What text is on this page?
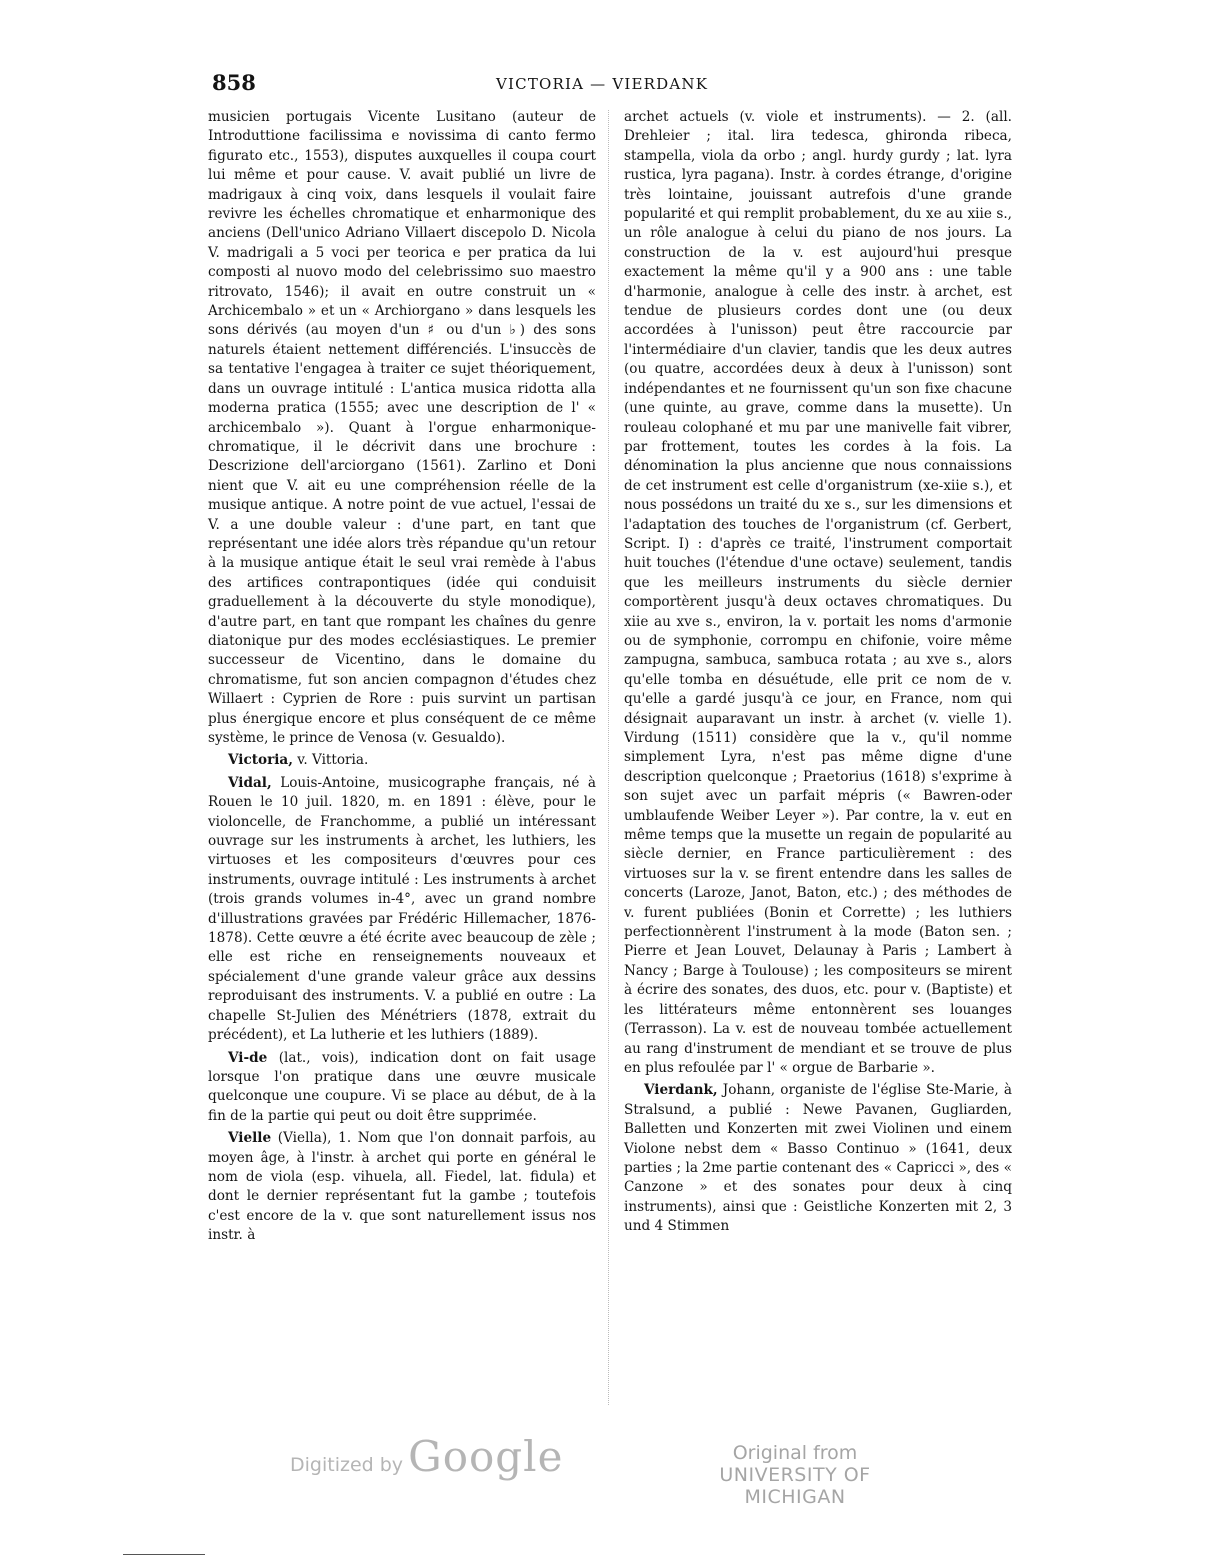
858	VICTORIA — VIERDANK

musicien portugais Vicente Lusitano (auteur de Introduttione facilissima e novissima di canto fermo figurato etc., 1553), disputes auxquelles il coupa court lui même et pour cause. V. avait publié un livre de madrigaux à cinq voix, dans lesquels il voulait faire revivre les échelles chromatique et enharmonique des anciens (Dell'unico Adriano Villaert discepolo D. Nicola V. madrigali a 5 voci per teorica e per pratica da lui composti al nuovo modo del celebrissimo suo maestro ritrovato, 1546); il avait en outre construit un « Archicembalo » et un « Archiorgano » dans lesquels les sons dérivés (au moyen d'un ♯ ou d'un ♭) des sons naturels étaient nettement différenciés. L'insuccès de sa tentative l'engagea à traiter ce sujet théoriquement, dans un ouvrage intitulé : L'antica musica ridotta alla moderna pratica (1555; avec une description de l' « archicembalo »). Quant à l'orgue enharmonique-chromatique, il le décrivit dans une brochure : Descrizione dell'arciorgano (1561). Zarlino et Doni nient que V. ait eu une compréhension réelle de la musique antique. A notre point de vue actuel, l'essai de V. a une double valeur : d'une part, en tant que représentant une idée alors très répandue qu'un retour à la musique antique était le seul vrai remède à l'abus des artifices contrapontiques (idée qui conduisit graduellement à la découverte du style monodique), d'autre part, en tant que rompant les chaînes du genre diatonique pur des modes ecclésiastiques. Le premier successeur de Vicentino, dans le domaine du chromatisme, fut son ancien compagnon d'études chez Willaert : Cyprien de Rore : puis survint un partisan plus énergique encore et plus conséquent de ce même système, le prince de Venosa (v. Gesualdo).

Victoria, v. Vittoria.

Vidal, Louis-Antoine, musicographe français, né à Rouen le 10 juil. 1820, m. en 1891 : élève, pour le violoncelle, de Franchomme, a publié un intéressant ouvrage sur les instruments à archet, les luthiers, les virtuoses et les compositeurs d'œuvres pour ces instruments, ouvrage intitulé : Les instruments à archet (trois grands volumes in-4°, avec un grand nombre d'illustrations gravées par Frédéric Hillemacher, 1876-1878). Cette œuvre a été écrite avec beaucoup de zèle ; elle est riche en renseignements nouveaux et spécialement d'une grande valeur grâce aux dessins reproduisant des instruments. V. a publié en outre : La chapelle St-Julien des Ménétriers (1878, extrait du précédent), et La lutherie et les luthiers (1889).

Vi-de (lat., vois), indication dont on fait usage lorsque l'on pratique dans une œuvre musicale quelconque une coupure. Vi se place au début, de à la fin de la partie qui peut ou doit être supprimée.

Vielle (Viella), 1. Nom que l'on donnait parfois, au moyen âge, à l'instr. à archet qui porte en général le nom de viola (esp. vihuela, all. Fiedel, lat. fidula) et dont le dernier représentant fut la gambe ; toutefois c'est encore de la v. que sont naturellement issus nos instr. à

archet actuels (v. viole et instruments). — 2. (all. Drehleier ; ital. lira tedesca, ghironda ribeca, stampella, viola da orbo ; angl. hurdy gurdy ; lat. lyra rustica, lyra pagana). Instr. à cordes étrange, d'origine très lointaine, jouissant autrefois d'une grande popularité et qui remplit probablement, du xe au xiie s., un rôle analogue à celui du piano de nos jours. La construction de la v. est aujourd'hui presque exactement la même qu'il y a 900 ans : une table d'harmonie, analogue à celle des instr. à archet, est tendue de plusieurs cordes dont une (ou deux accordées à l'unisson) peut être raccourcie par l'intermédiaire d'un clavier, tandis que les deux autres (ou quatre, accordées deux à deux à l'unisson) sont indépendantes et ne fournissent qu'un son fixe chacune (une quinte, au grave, comme dans la musette). Un rouleau colophané et mu par une manivelle fait vibrer, par frottement, toutes les cordes à la fois. La dénomination la plus ancienne que nous connaissions de cet instrument est celle d'organistrum (xe-xiie s.), et nous possédons un traité du xe s., sur les dimensions et l'adaptation des touches de l'organistrum (cf. Gerbert, Script. I) : d'après ce traité, l'instrument comportait huit touches (l'étendue d'une octave) seulement, tandis que les meilleurs instruments du siècle dernier comportèrent jusqu'à deux octaves chromatiques. Du xiie au xve s., environ, la v. portait les noms d'armonie ou de symphonie, corrompu en chifonie, voire même zampugna, sambuca, sambuca rotata ; au xve s., alors qu'elle tomba en désuétude, elle prit ce nom de v. qu'elle a gardé jusqu'à ce jour, en France, nom qui désignait auparavant un instr. à archet (v. vielle 1). Virdung (1511) considère que la v., qu'il nomme simplement Lyra, n'est pas même digne d'une description quelconque ; Praetorius (1618) s'exprime à son sujet avec un parfait mépris (« Bawren-oder umblaufende Weiber Leyer »). Par contre, la v. eut en même temps que la musette un regain de popularité au siècle dernier, en France particulièrement : des virtuoses sur la v. se firent entendre dans les salles de concerts (Laroze, Janot, Baton, etc.) ; des méthodes de v. furent publiées (Bonin et Corrette) ; les luthiers perfectionnèrent l'instrument à la mode (Baton sen. ; Pierre et Jean Louvet, Delaunay à Paris ; Lambert à Nancy ; Barge à Toulouse) ; les compositeurs se mirent à écrire des sonates, des duos, etc. pour v. (Baptiste) et les littérateurs même entonnèrent ses louanges (Terrasson). La v. est de nouveau tombée actuellement au rang d'instrument de mendiant et se trouve de plus en plus refoulée par l' « orgue de Barbarie ».

Vierdank, Johann, organiste de l'église Ste-Marie, à Stralsund, a publié : Newe Pavanen, Gugliarden, Balletten und Konzerten mit zwei Violinen und einem Violone nebst dem « Basso Continuo » (1641, deux parties ; la 2me partie contenant des « Capricci », des « Canzone » et des sonates pour deux à cinq instruments), ainsi que : Geistliche Konzerten mit 2, 3 und 4 Stimmen

Digitized by Google	Original from
UNIVERSITY OF MICHIGAN
